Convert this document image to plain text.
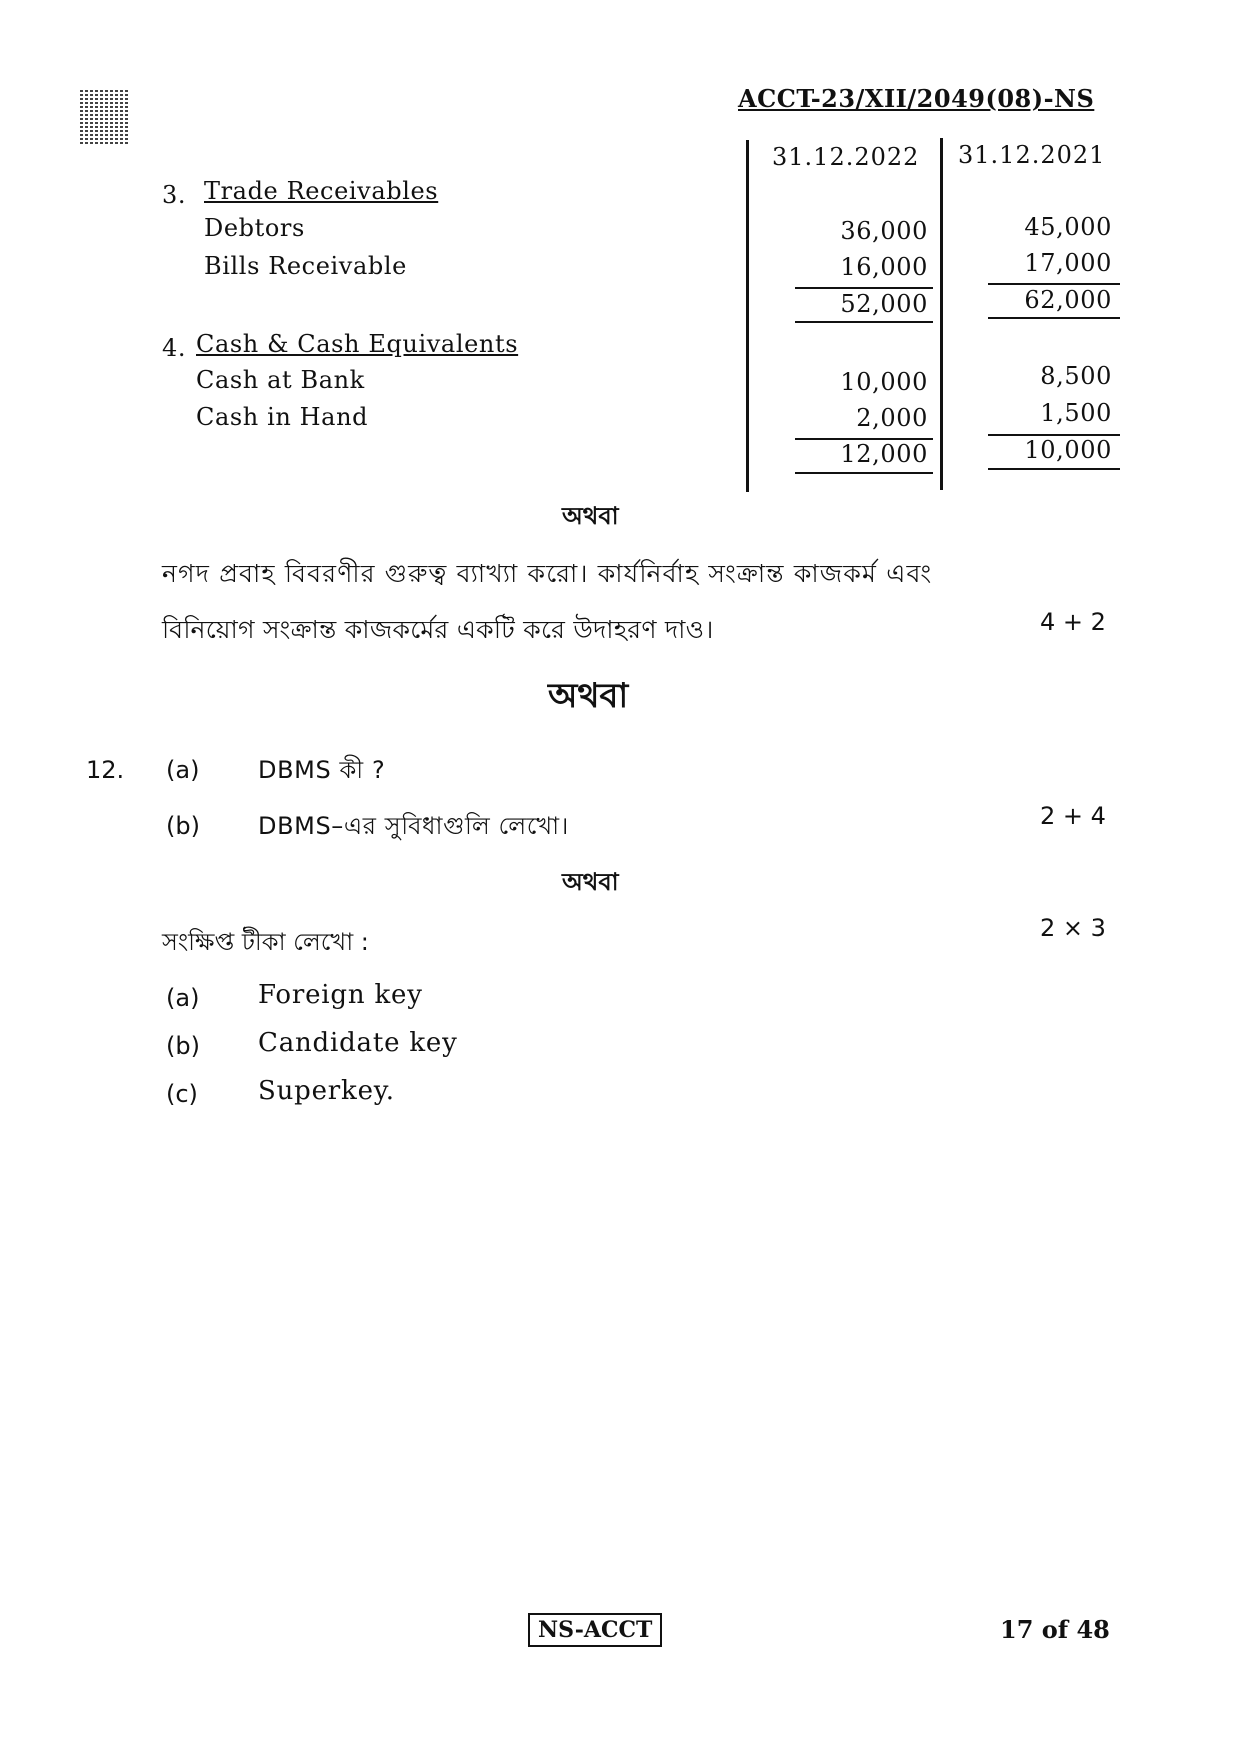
ACCT-23/XII/2049(08)-NS
31.12.2022 31.12.2021
3. Trade Receivables
Debtors	36,000	45,000
Bills Receivable	16,000	17,000
52,000	62,000
4. Cash & Cash Equivalents
Cash at Bank	10,000	8,500
Cash in Hand	2,000	1,500
12,000	10,000
অথবা
নগদ প্রবাহ বিবরণীর গুরুত্ব ব্যাখ্যা করো। কার্যনির্বাহ সংক্রান্ত কাজকর্ম এবং
বিনিয়োগ সংক্রান্ত কাজকর্মের একটি করে উদাহরণ দাও।	4 + 2
অথবা
12. (a) DBMS কী ?
(b) DBMS–এর সুবিধাগুলি লেখো।	2 + 4
অথবা
সংক্ষিপ্ত টীকা লেখো :	2 × 3
(a) Foreign key
(b) Candidate key
(c) Superkey.
NS-ACCT	17 of 48
